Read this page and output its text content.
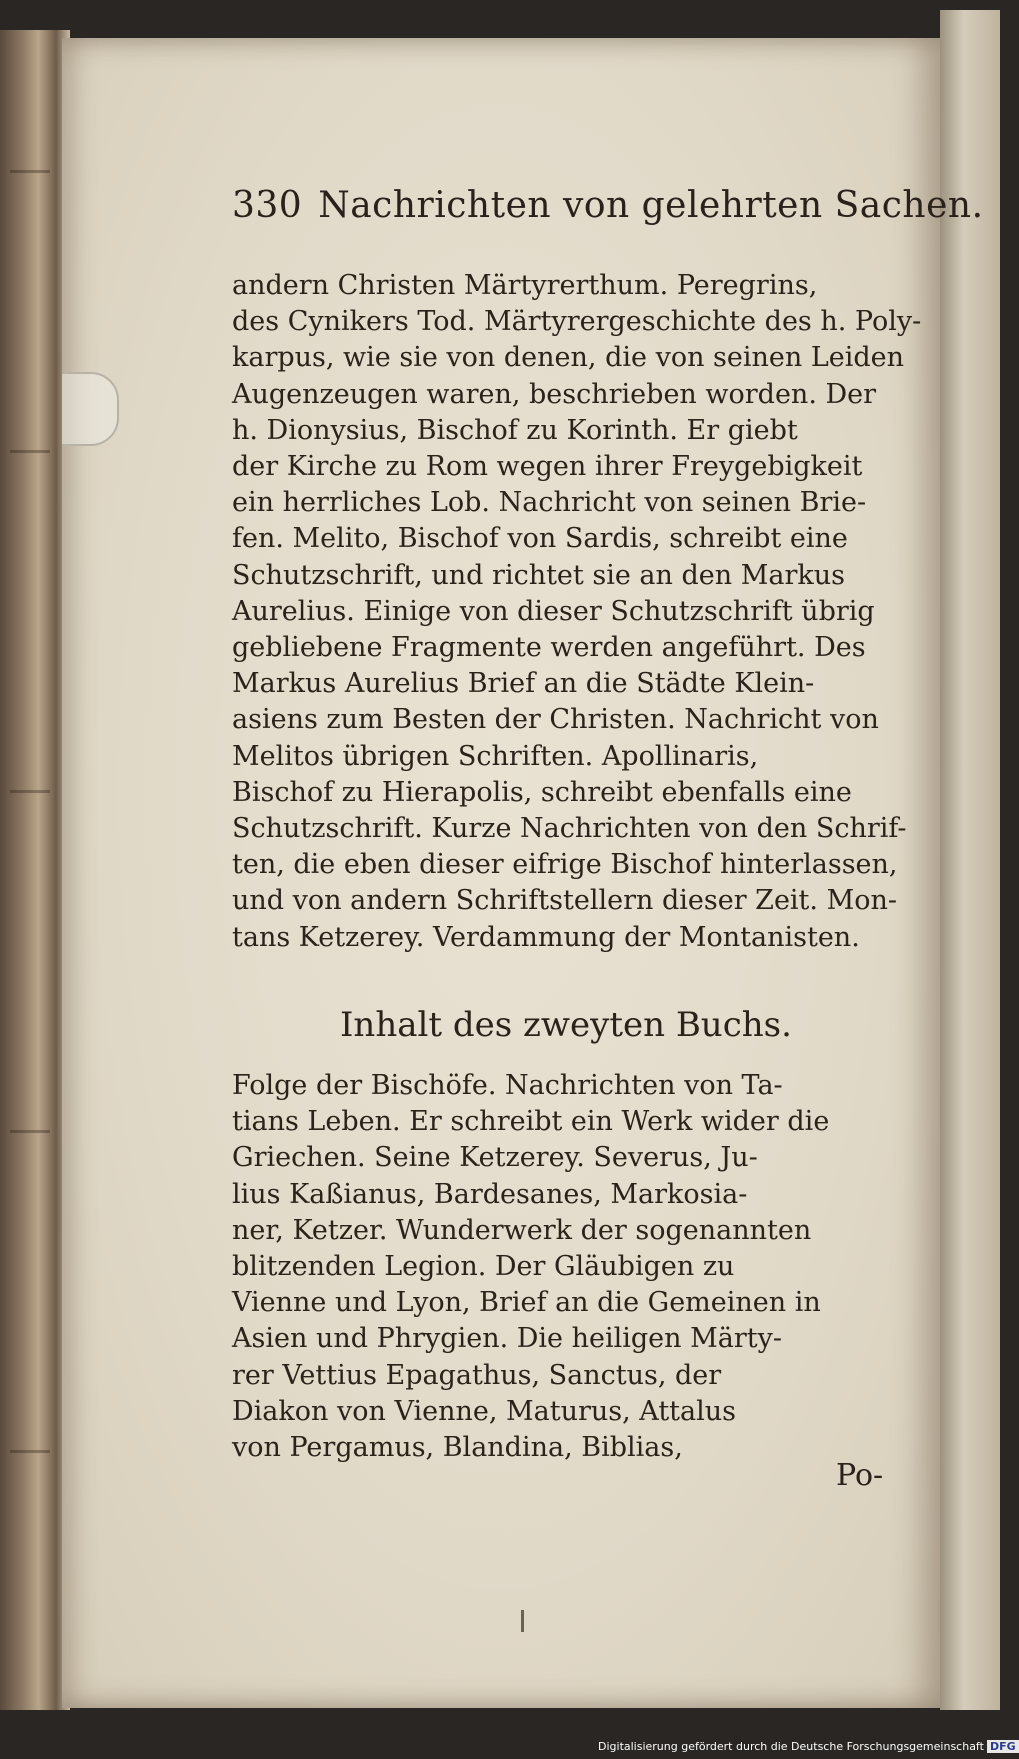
330 Nachrichten von gelehrten Sachen.
andern Christen Märtyrerthum. Peregrins,
des Cynikers Tod. Märtyrergeschichte des h. Poly-
karpus, wie sie von denen, die von seinen Leiden
Augenzeugen waren, beschrieben worden. Der
h. Dionysius, Bischof zu Korinth. Er giebt
der Kirche zu Rom wegen ihrer Freygebigkeit
ein herrliches Lob. Nachricht von seinen Brie-
fen. Melito, Bischof von Sardis, schreibt eine
Schutzschrift, und richtet sie an den Markus
Aurelius. Einige von dieser Schutzschrift übrig
gebliebene Fragmente werden angeführt. Des
Markus Aurelius Brief an die Städte Klein-
asiens zum Besten der Christen. Nachricht von
Melitos übrigen Schriften. Apollinaris,
Bischof zu Hierapolis, schreibt ebenfalls eine
Schutzschrift. Kurze Nachrichten von den Schrif-
ten, die eben dieser eifrige Bischof hinterlassen,
und von andern Schriftstellern dieser Zeit. Mon-
tans Ketzerey. Verdammung der Montanisten.
Inhalt des zweyten Buchs.
Folge der Bischöfe. Nachrichten von Ta-
tians Leben. Er schreibt ein Werk wider die
Griechen. Seine Ketzerey. Severus, Ju-
lius Kaßianus, Bardesanes, Markosia-
ner, Ketzer. Wunderwerk der sogenannten
blitzenden Legion. Der Gläubigen zu
Vienne und Lyon, Brief an die Gemeinen in
Asien und Phrygien. Die heiligen Märty-
rer Vettius Epagathus, Sanctus, der
Diakon von Vienne, Maturus, Attalus
von Pergamus, Blandina, Biblias,
Po-
Digitalisierung gefördert durch die Deutsche Forschungsgemeinschaft DFG
